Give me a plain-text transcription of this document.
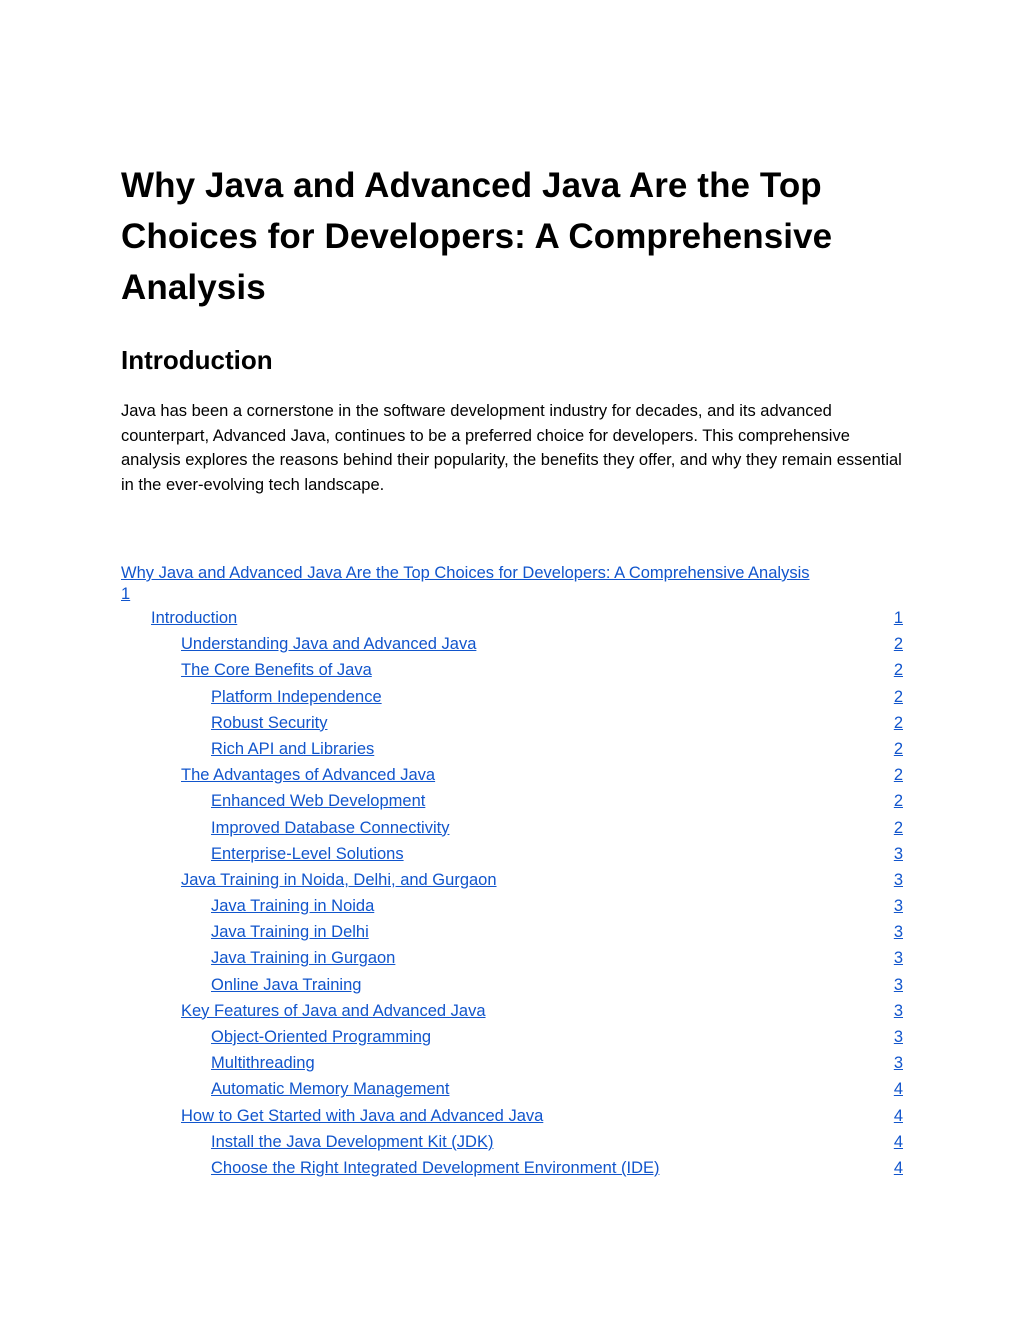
Why Java and Advanced Java Are the Top Choices for Developers: A Comprehensive Analysis
Introduction

Java has been a cornerstone in the software development industry for decades, and its advanced counterpart, Advanced Java, continues to be a preferred choice for developers. This comprehensive analysis explores the reasons behind their popularity, the benefits they offer, and why they remain essential in the ever-evolving tech landscape.

Why Java and Advanced Java Are the Top Choices for Developers: A Comprehensive Analysis
1
Introduction	1
Understanding Java and Advanced Java	2
The Core Benefits of Java	2
Platform Independence	2
Robust Security	2
Rich API and Libraries	2
The Advantages of Advanced Java	2
Enhanced Web Development	2
Improved Database Connectivity	2
Enterprise-Level Solutions	3
Java Training in Noida, Delhi, and Gurgaon	3
Java Training in Noida	3
Java Training in Delhi	3
Java Training in Gurgaon	3
Online Java Training	3
Key Features of Java and Advanced Java	3
Object-Oriented Programming	3
Multithreading	3
Automatic Memory Management	4
How to Get Started with Java and Advanced Java	4
Install the Java Development Kit (JDK)	4
Choose the Right Integrated Development Environment (IDE)	4
